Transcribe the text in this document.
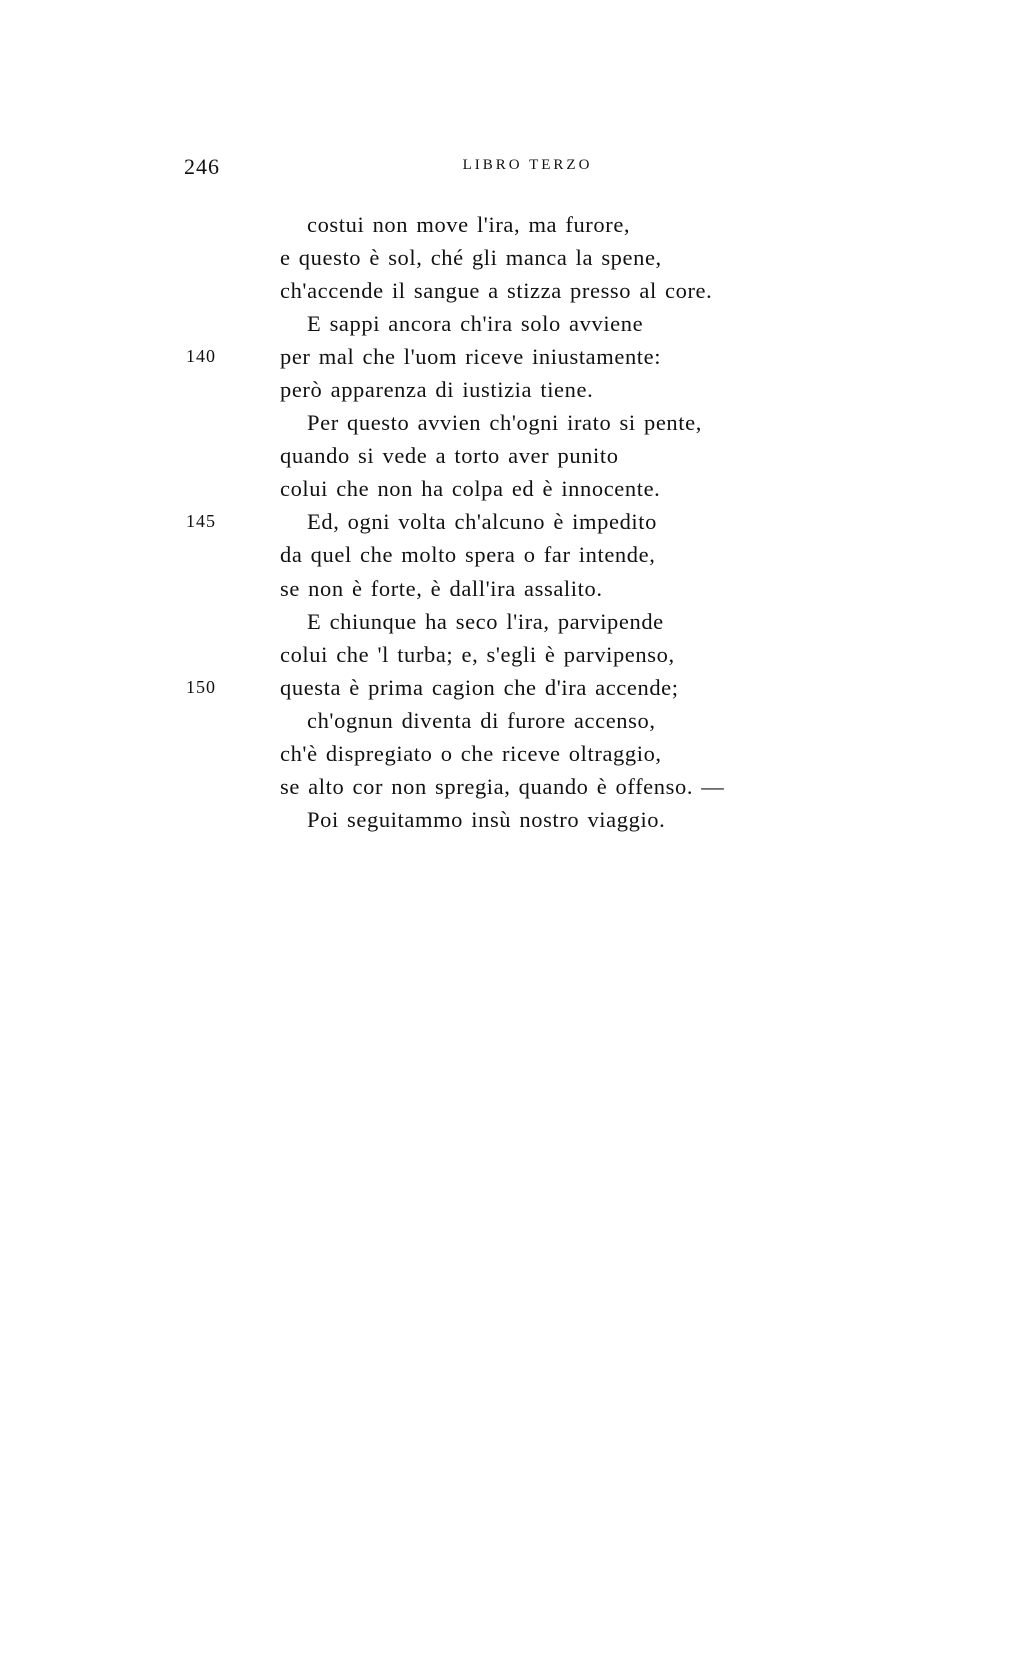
246	LIBRO TERZO
costui non move l'ira, ma furore,
e questo è sol, ché gli manca la spene,
ch'accende il sangue a stizza presso al core.
E sappi ancora ch'ira solo avviene
140	per mal che l'uom riceve iniustamente:
però apparenza di iustizia tiene.
Per questo avvien ch'ogni irato si pente,
quando si vede a torto aver punito
colui che non ha colpa ed è innocente.
145	Ed, ogni volta ch'alcuno è impedito
da quel che molto spera o far intende,
se non è forte, è dall'ira assalito.
E chiunque ha seco l'ira, parvipende
colui che 'l turba; e, s'egli è parvipenso,
150	questa è prima cagion che d'ira accende;
ch'ognun diventa di furore accenso,
ch'è dispregiato o che riceve oltraggio,
se alto cor non spregia, quando è offenso. —
Poi seguitammo insù nostro viaggio.
